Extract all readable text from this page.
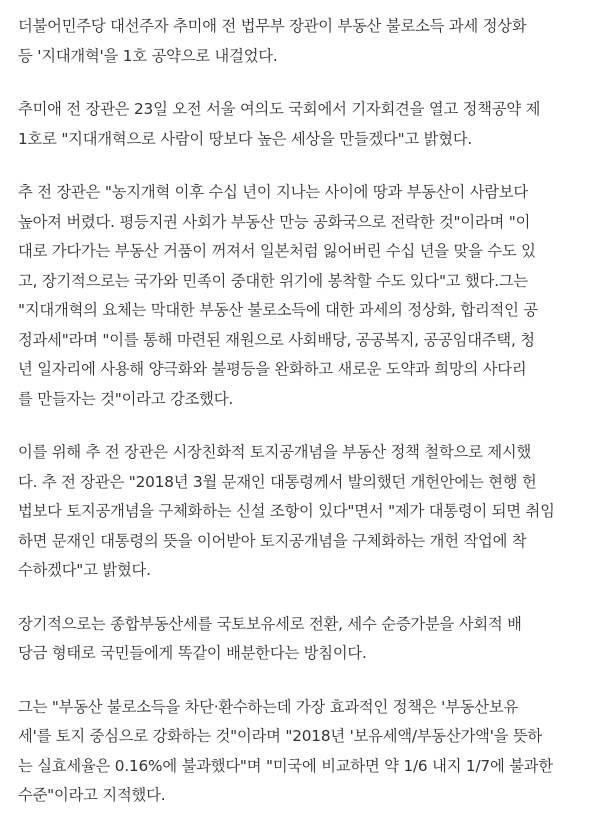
더불어민주당 대선주자 추미애 전 법무부 장관이 부동산 불로소득 과세 정상화
등 '지대개혁'을 1호 공약으로 내걸었다.
추미애 전 장관은 23일 오전 서울 여의도 국회에서 기자회견을 열고 정책공약 제
1호로 "지대개혁으로 사람이 땅보다 높은 세상을 만들겠다"고 밝혔다.
추 전 장관은 "농지개혁 이후 수십 년이 지나는 사이에 땅과 부동산이 사람보다
높아져 버렸다. 평등지권 사회가 부동산 만능 공화국으로 전락한 것"이라며 "이
대로 가다가는 부동산 거품이 꺼져서 일본처럼 잃어버린 수십 년을 맞을 수도 있
고, 장기적으로는 국가와 민족이 중대한 위기에 봉착할 수도 있다"고 했다.그는
"지대개혁의 요체는 막대한 부동산 불로소득에 대한 과세의 정상화, 합리적인 공
정과세"라며 "이를 통해 마련된 재원으로 사회배당, 공공복지, 공공임대주택, 청
년 일자리에 사용해 양극화와 불평등을 완화하고 새로운 도약과 희망의 사다리
를 만들자는 것"이라고 강조했다.
이를 위해 추 전 장관은 시장친화적 토지공개념을 부동산 정책 철학으로 제시했
다. 추 전 장관은 "2018년 3월 문재인 대통령께서 발의했던 개헌안에는 현행 헌
법보다 토지공개념을 구체화하는 신설 조항이 있다"면서 "제가 대통령이 되면 취임
하면 문재인 대통령의 뜻을 이어받아 토지공개념을 구체화하는 개헌 작업에 착
수하겠다"고 밝혔다.
장기적으로는 종합부동산세를 국토보유세로 전환, 세수 순증가분을 사회적 배
당금 형태로 국민들에게 똑같이 배분한다는 방침이다.
그는 "부동산 불로소득을 차단·환수하는데 가장 효과적인 정책은 '부동산보유
세'를 토지 중심으로 강화하는 것"이라며 "2018년 '보유세액/부동산가액'을 뜻하
는 실효세율은 0.16%에 불과했다"며 "미국에 비교하면 약 1/6 내지 1/7에 불과한
수준"이라고 지적했다.
